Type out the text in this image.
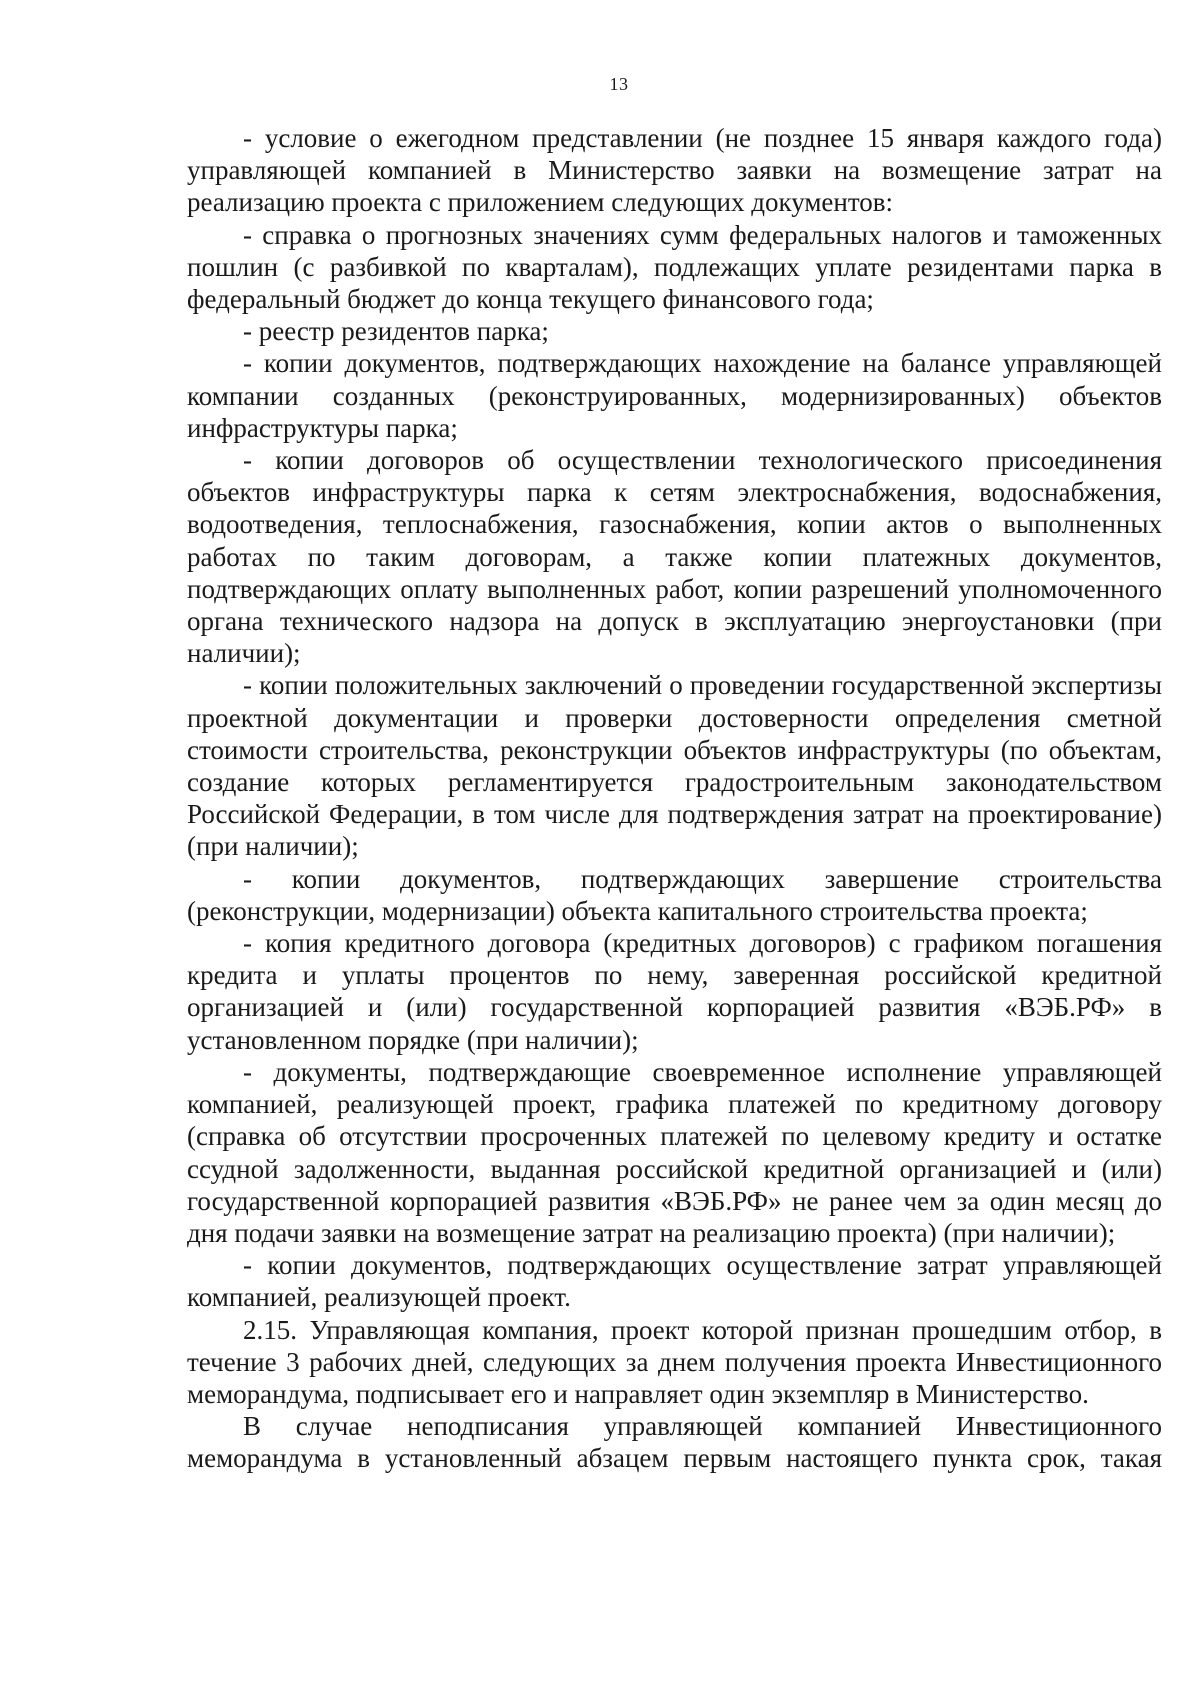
13

- условие о ежегодном представлении (не позднее 15 января каждого года) управляющей компанией в Министерство заявки на возмещение затрат на реализацию проекта с приложением следующих документов:

- справка о прогнозных значениях сумм федеральных налогов и таможенных пошлин (с разбивкой по кварталам), подлежащих уплате резидентами парка в федеральный бюджет до конца текущего финансового года;

- реестр резидентов парка;

- копии документов, подтверждающих нахождение на балансе управляющей компании созданных (реконструированных, модернизированных) объектов инфраструктуры парка;

- копии договоров об осуществлении технологического присоединения объектов инфраструктуры парка к сетям электроснабжения, водоснабжения, водоотведения, теплоснабжения, газоснабжения, копии актов о выполненных работах по таким договорам, а также копии платежных документов, подтверждающих оплату выполненных работ, копии разрешений уполномоченного органа технического надзора на допуск в эксплуатацию энергоустановки (при наличии);

- копии положительных заключений о проведении государственной экспертизы проектной документации и проверки достоверности определения сметной стоимости строительства, реконструкции объектов инфраструктуры (по объектам, создание которых регламентируется градостроительным законодательством Российской Федерации, в том числе для подтверждения затрат на проектирование) (при наличии);

- копии документов, подтверждающих завершение строительства (реконструкции, модернизации) объекта капитального строительства проекта;

- копия кредитного договора (кредитных договоров) с графиком погашения кредита и уплаты процентов по нему, заверенная российской кредитной организацией и (или) государственной корпорацией развития «ВЭБ.РФ» в установленном порядке (при наличии);

- документы, подтверждающие своевременное исполнение управляющей компанией, реализующей проект, графика платежей по кредитному договору (справка об отсутствии просроченных платежей по целевому кредиту и остатке ссудной задолженности, выданная российской кредитной организацией и (или) государственной корпорацией развития «ВЭБ.РФ» не ранее чем за один месяц до дня подачи заявки на возмещение затрат на реализацию проекта) (при наличии);

- копии документов, подтверждающих осуществление затрат управляющей компанией, реализующей проект.

2.15. Управляющая компания, проект которой признан прошедшим отбор, в течение 3 рабочих дней, следующих за днем получения проекта Инвестиционного меморандума, подписывает его и направляет один экземпляр в Министерство.

В случае неподписания управляющей компанией Инвестиционного меморандума в установленный абзацем первым настоящего пункта срок, такая
